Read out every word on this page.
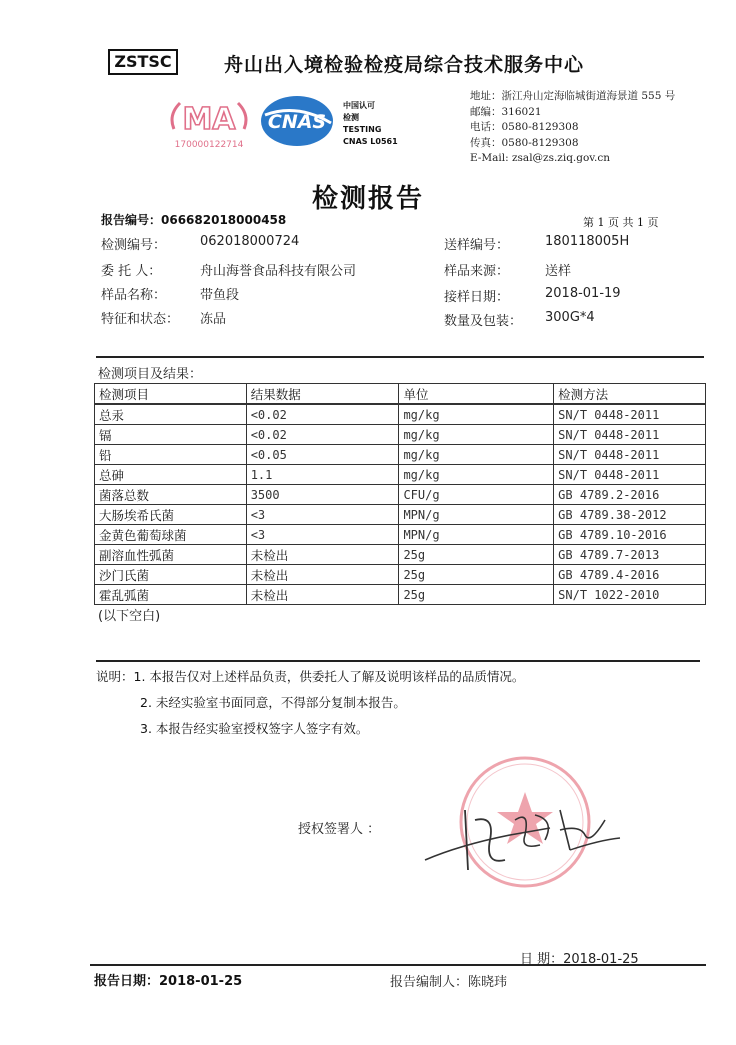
ZSTSC	舟山出入境检验检疫局综合技术服务中心
MA
170000122714
CNAS
中国认可
检测
TESTING
CNAS L0561
地址：浙江舟山定海临城街道海景道 555 号
邮编：316021
电话：0580-8129308
传真：0580-8129308
E-Mail: zsal@zs.ziq.gov.cn
检测报告
报告编号：066682018000458	第 1 页 共 1 页
检测编号：	062018000724
委 托 人：	舟山海誉食品科技有限公司
样品名称：	带鱼段
特征和状态： 冻品
送样编号：	180118005H
样品来源：	送样
接样日期：	2018-01-19
数量及包装： 300G*4
检测项目及结果：
检测项目	结果数据	单位	检测方法
总汞	<0.02	mg/kg	SN/T 0448-2011
镉	<0.02	mg/kg	SN/T 0448-2011
铅	<0.05	mg/kg	SN/T 0448-2011
总砷	1.1	mg/kg	SN/T 0448-2011
菌落总数	3500	CFU/g	GB 4789.2-2016
大肠埃希氏菌	<3	MPN/g	GB 4789.38-2012
金黄色葡萄球菌	<3	MPN/g	GB 4789.10-2016
副溶血性弧菌	未检出	25g	GB 4789.7-2013
沙门氏菌	未检出	25g	GB 4789.4-2016
霍乱弧菌	未检出	25g	SN/T 1022-2010
(以下空白)
说明：1. 本报告仅对上述样品负责，供委托人了解及说明该样品的品质情况。
2. 未经实验室书面同意，不得部分复制本报告。
3. 本报告经实验室授权签字人签字有效。
授权签署人 ：
日 期：2018-01-25
报告日期：2018-01-25	报告编制人：陈晓玮
